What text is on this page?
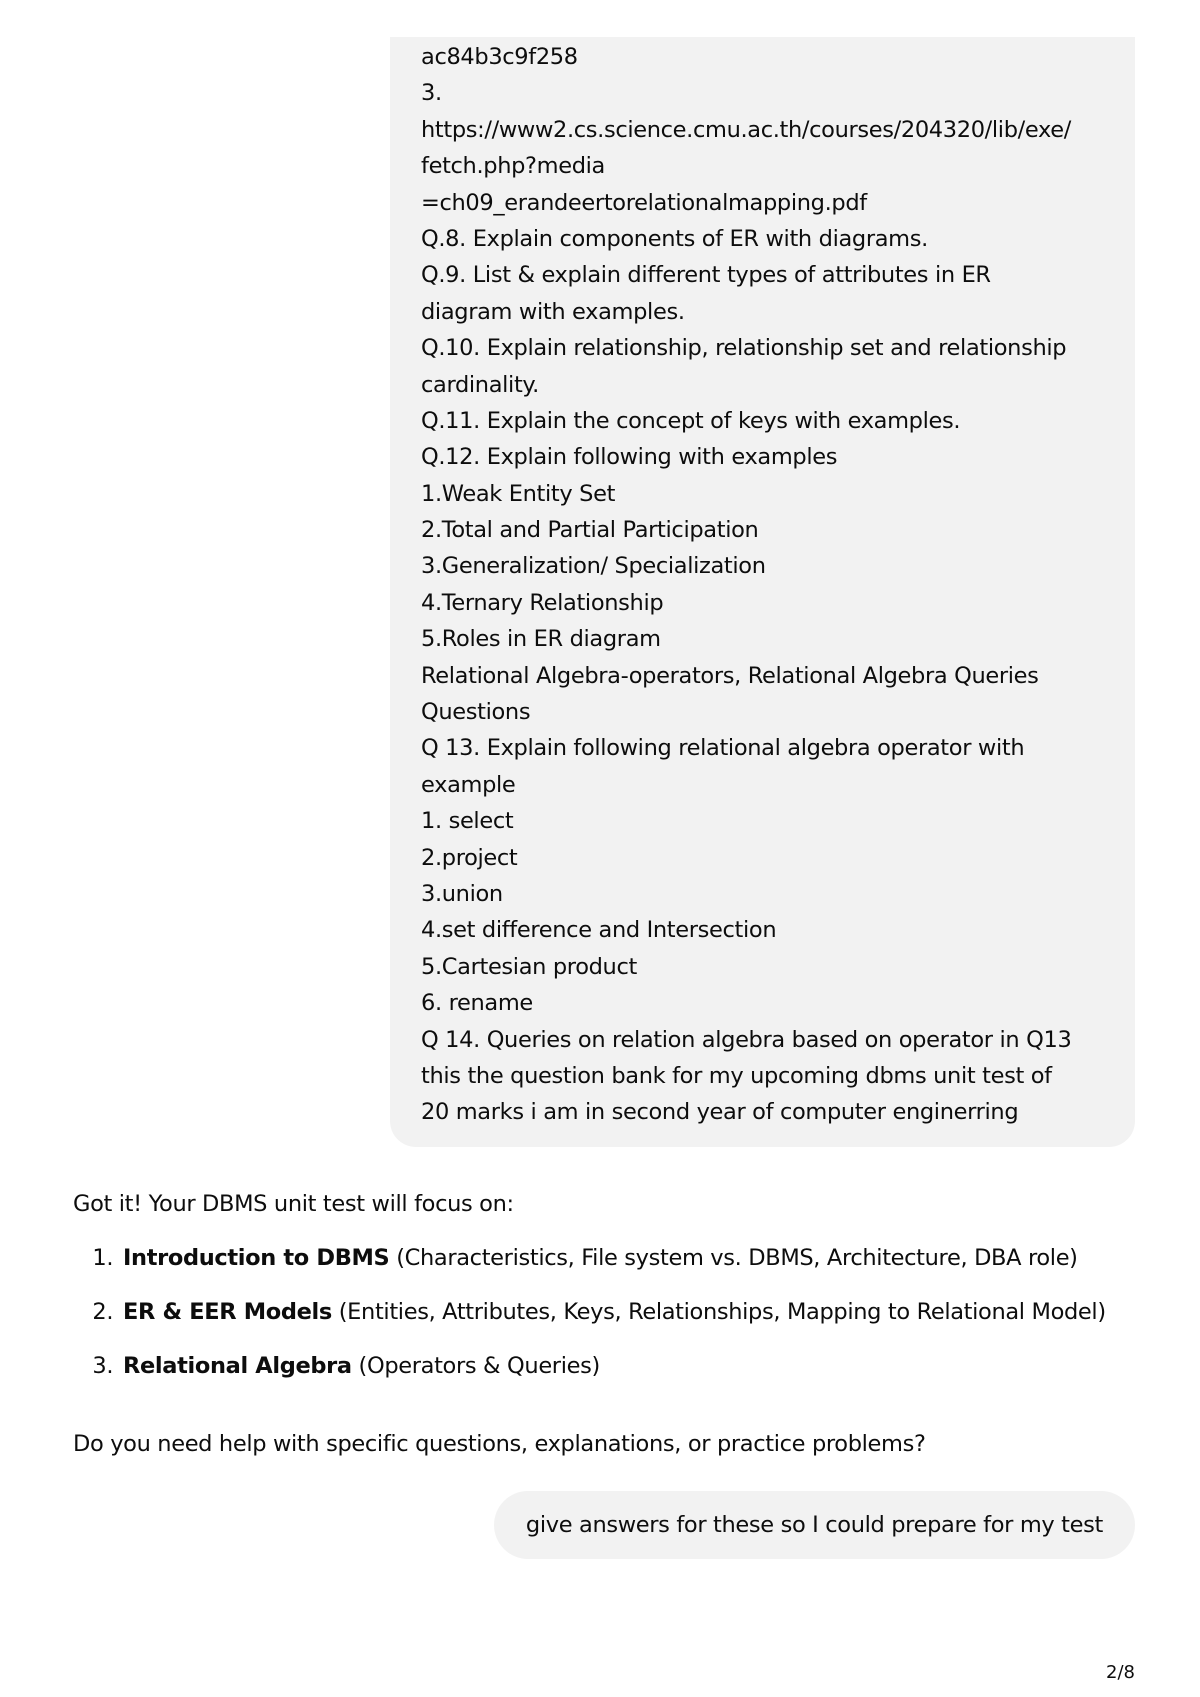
ac84b3c9f258
3.
https://www2.cs.science.cmu.ac.th/courses/204320/lib/exe/
fetch.php?media
=ch09_erandeertorelationalmapping.pdf
Q.8. Explain components of ER with diagrams.
Q.9. List & explain different types of attributes in ER
diagram with examples.
Q.10. Explain relationship, relationship set and relationship
cardinality.
Q.11. Explain the concept of keys with examples.
Q.12. Explain following with examples
1.Weak Entity Set
2.Total and Partial Participation
3.Generalization/ Specialization
4.Ternary Relationship
5.Roles in ER diagram
Relational Algebra-operators, Relational Algebra Queries
Questions
Q 13. Explain following relational algebra operator with
example
1. select
2.project
3.union
4.set difference and Intersection
5.Cartesian product
6. rename
Q 14. Queries on relation algebra based on operator in Q13
this the question bank for my upcoming dbms unit test of
20 marks i am in second year of computer enginerring

Got it! Your DBMS unit test will focus on:

1. Introduction to DBMS (Characteristics, File system vs. DBMS, Architecture, DBA role)
2. ER & EER Models (Entities, Attributes, Keys, Relationships, Mapping to Relational Model)
3. Relational Algebra (Operators & Queries)

Do you need help with specific questions, explanations, or practice problems?

give answers for these so I could prepare for my test
2/8
